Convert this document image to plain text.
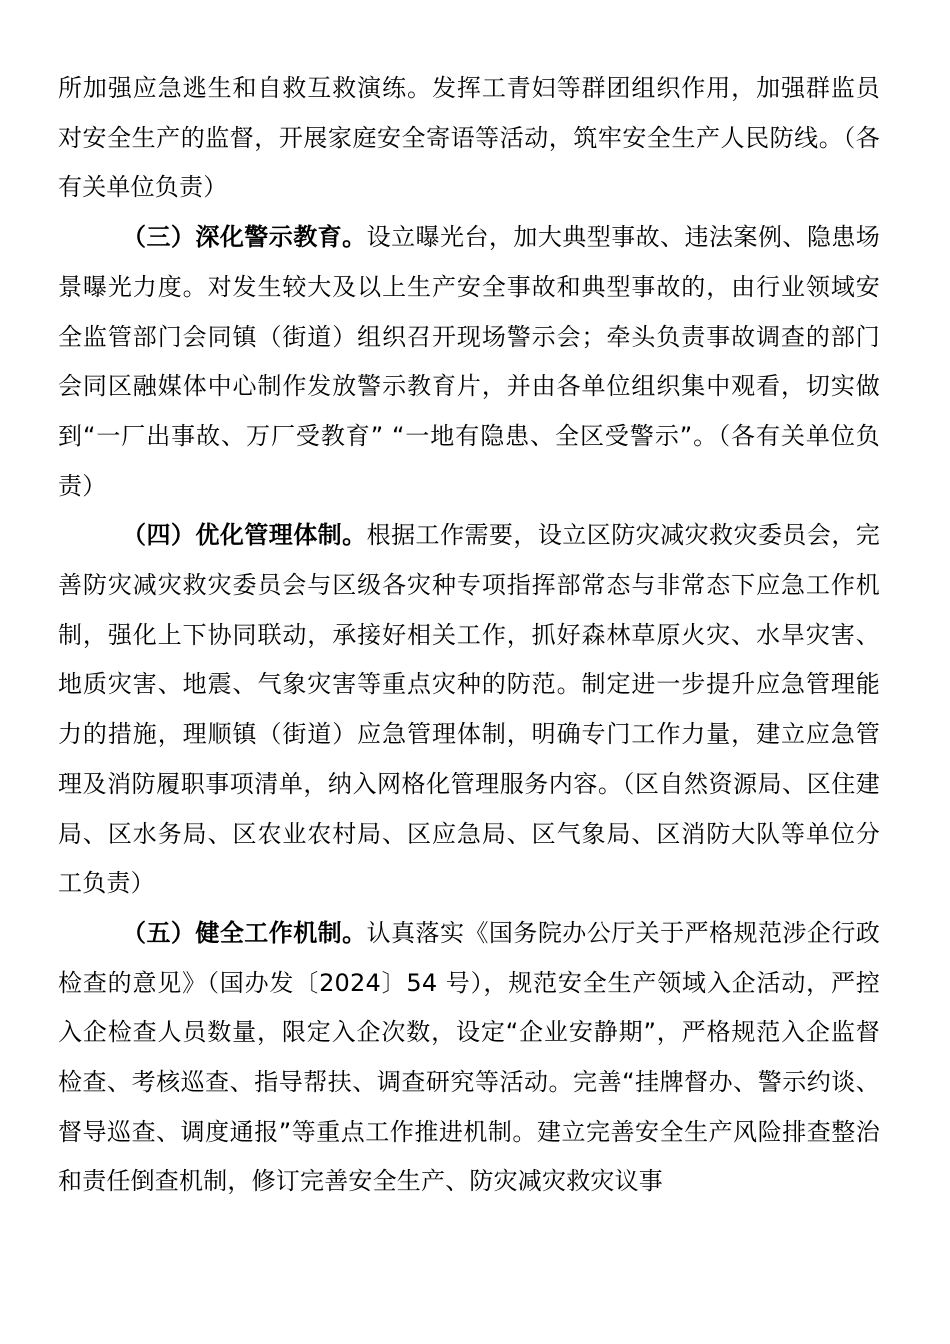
所加强应急逃生和自救互救演练。发挥工青妇等群团组织作用，加强群监员对安全生产的监督，开展家庭安全寄语等活动，筑牢安全生产人民防线。（各有关单位负责）

（三）深化警示教育。设立曝光台，加大典型事故、违法案例、隐患场景曝光力度。对发生较大及以上生产安全事故和典型事故的，由行业领域安全监管部门会同镇（街道）组织召开现场警示会；牵头负责事故调查的部门会同区融媒体中心制作发放警示教育片，并由各单位组织集中观看，切实做到“一厂出事故、万厂受教育” “一地有隐患、全区受警示”。（各有关单位负责）

（四）优化管理体制。根据工作需要，设立区防灾减灾救灾委员会，完善防灾减灾救灾委员会与区级各灾种专项指挥部常态与非常态下应急工作机制，强化上下协同联动，承接好相关工作，抓好森林草原火灾、水旱灾害、地质灾害、地震、气象灾害等重点灾种的防范。制定进一步提升应急管理能力的措施，理顺镇（街道）应急管理体制，明确专门工作力量，建立应急管理及消防履职事项清单，纳入网格化管理服务内容。（区自然资源局、区住建局、区水务局、区农业农村局、区应急局、区气象局、区消防大队等单位分工负责）

（五）健全工作机制。认真落实《国务院办公厅关于严格规范涉企行政检查的意见》（国办发〔2024〕54 号），规范安全生产领域入企活动，严控入企检查人员数量，限定入企次数，设定“企业安静期”，严格规范入企监督检查、考核巡查、指导帮扶、调查研究等活动。完善“挂牌督办、警示约谈、督导巡查、调度通报”等重点工作推进机制。建立完善安全生产风险排查整治和责任倒查机制，修订完善安全生产、防灾减灾救灾议事
